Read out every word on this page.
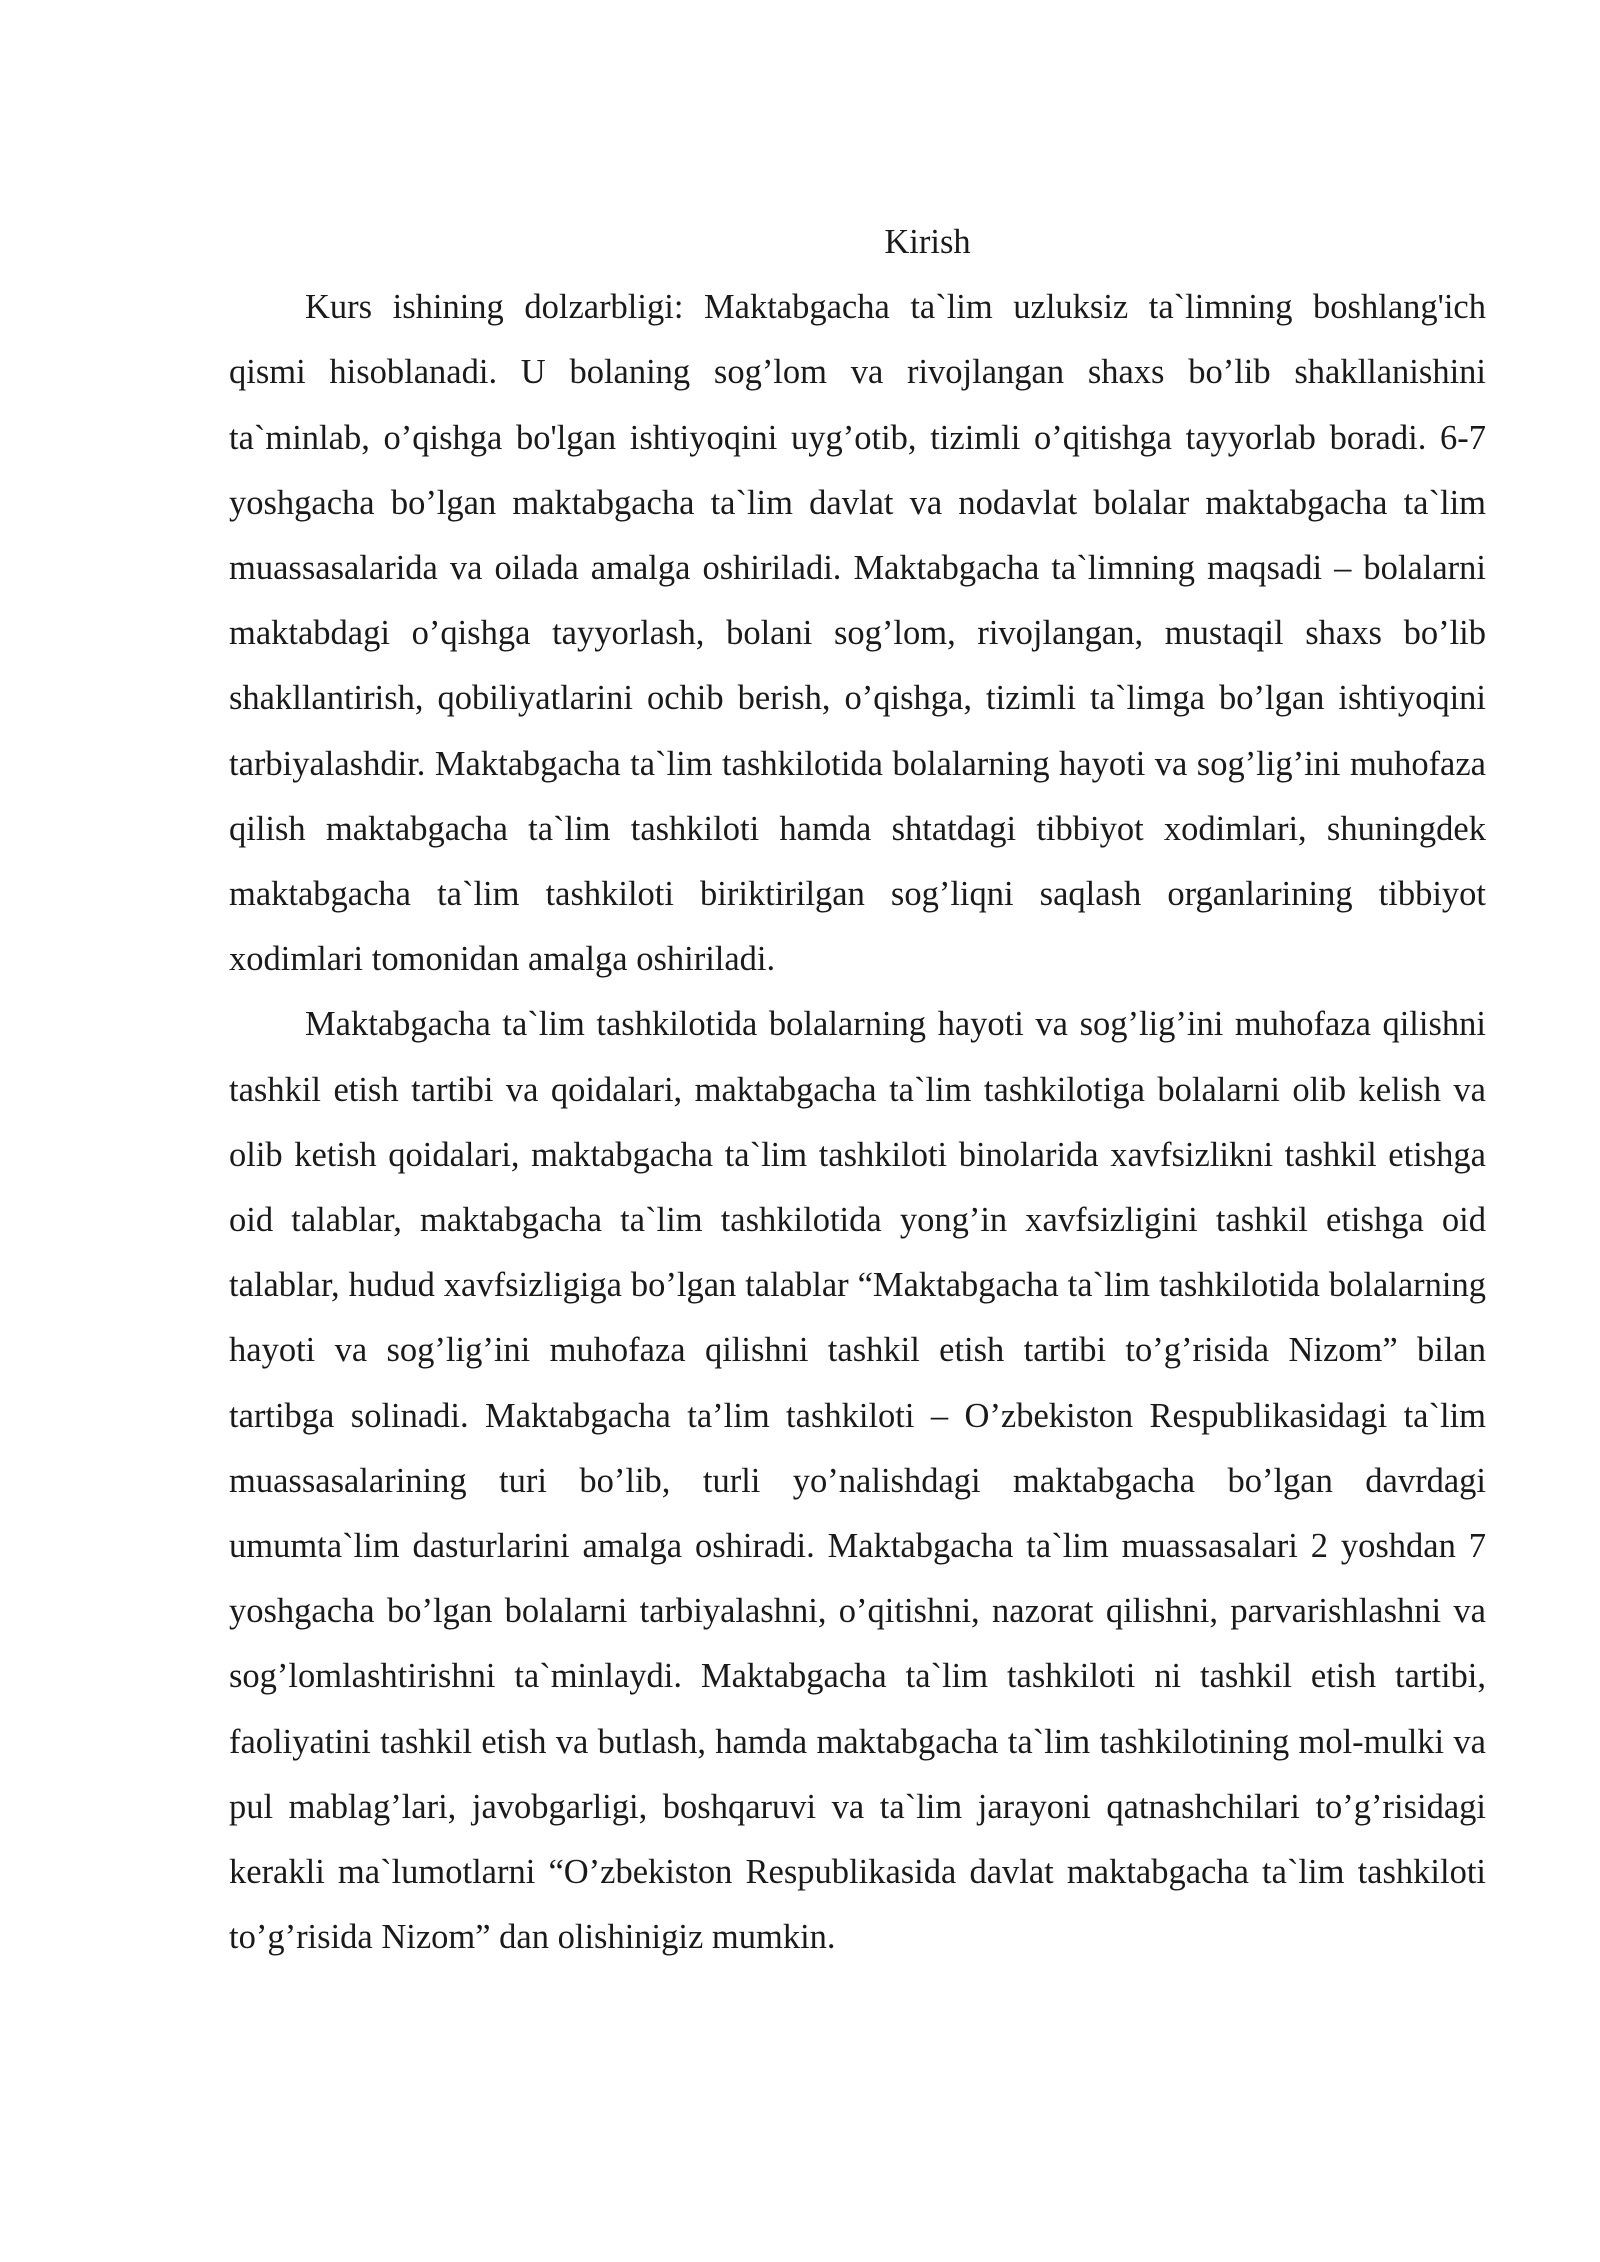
Kirish

Kurs ishining dolzarbligi: Maktabgacha ta`lim uzluksiz ta`limning boshlang'ich qismi hisoblanadi. U bolaning sog’lom va rivojlangan shaxs bo’lib shakllanishini ta`minlab, o’qishga bo'lgan ishtiyoqini uyg’otib, tizimli o’qitishga tayyorlab boradi. 6-7 yoshgacha bo’lgan maktabgacha ta`lim davlat va nodavlat bolalar maktabgacha ta`lim muassasalarida va oilada amalga oshiriladi. Maktabgacha ta`limning maqsadi – bolalarni maktabdagi o’qishga tayyorlash, bolani sog’lom, rivojlangan, mustaqil shaxs bo’lib shakllantirish, qobiliyatlarini ochib berish, o’qishga, tizimli ta`limga bo’lgan ishtiyoqini tarbiyalashdir. Maktabgacha ta`lim tashkilotida bolalarning hayoti va sog’lig’ini muhofaza qilish maktabgacha ta`lim tashkiloti hamda shtatdagi tibbiyot xodimlari, shuningdek maktabgacha ta`lim tashkiloti biriktirilgan sog’liqni saqlash organlarining tibbiyot xodimlari tomonidan amalga oshiriladi.

Maktabgacha ta`lim tashkilotida bolalarning hayoti va sog’lig’ini muhofaza qilishni tashkil etish tartibi va qoidalari, maktabgacha ta`lim tashkilotiga bolalarni olib kelish va olib ketish qoidalari, maktabgacha ta`lim tashkiloti binolarida xavfsizlikni tashkil etishga oid talablar, maktabgacha ta`lim tashkilotida yong’in xavfsizligini tashkil etishga oid talablar, hudud xavfsizligiga bo’lgan talablar “Maktabgacha ta`lim tashkilotida bolalarning hayoti va sog’lig’ini muhofaza qilishni tashkil etish tartibi to’g’risida Nizom” bilan tartibga solinadi. Maktabgacha ta’lim tashkiloti – O’zbekiston Respublikasidagi ta`lim muassasalarining turi bo’lib, turli yo’nalishdagi maktabgacha bo’lgan davrdagi umumta`lim dasturlarini amalga oshiradi. Maktabgacha ta`lim muassasalari 2 yoshdan 7 yoshgacha bo’lgan bolalarni tarbiyalashni, o’qitishni, nazorat qilishni, parvarishlashni va sog’lomlashtirishni ta`minlaydi. Maktabgacha ta`lim tashkiloti ni tashkil etish tartibi, faoliyatini tashkil etish va butlash, hamda maktabgacha ta`lim tashkilotining mol-mulki va pul mablag’lari, javobgarligi, boshqaruvi va ta`lim jarayoni qatnashchilari to’g’risidagi kerakli ma`lumotlarni “O’zbekiston Respublikasida davlat maktabgacha ta`lim tashkiloti to’g’risida Nizom” dan olishinigiz mumkin.
